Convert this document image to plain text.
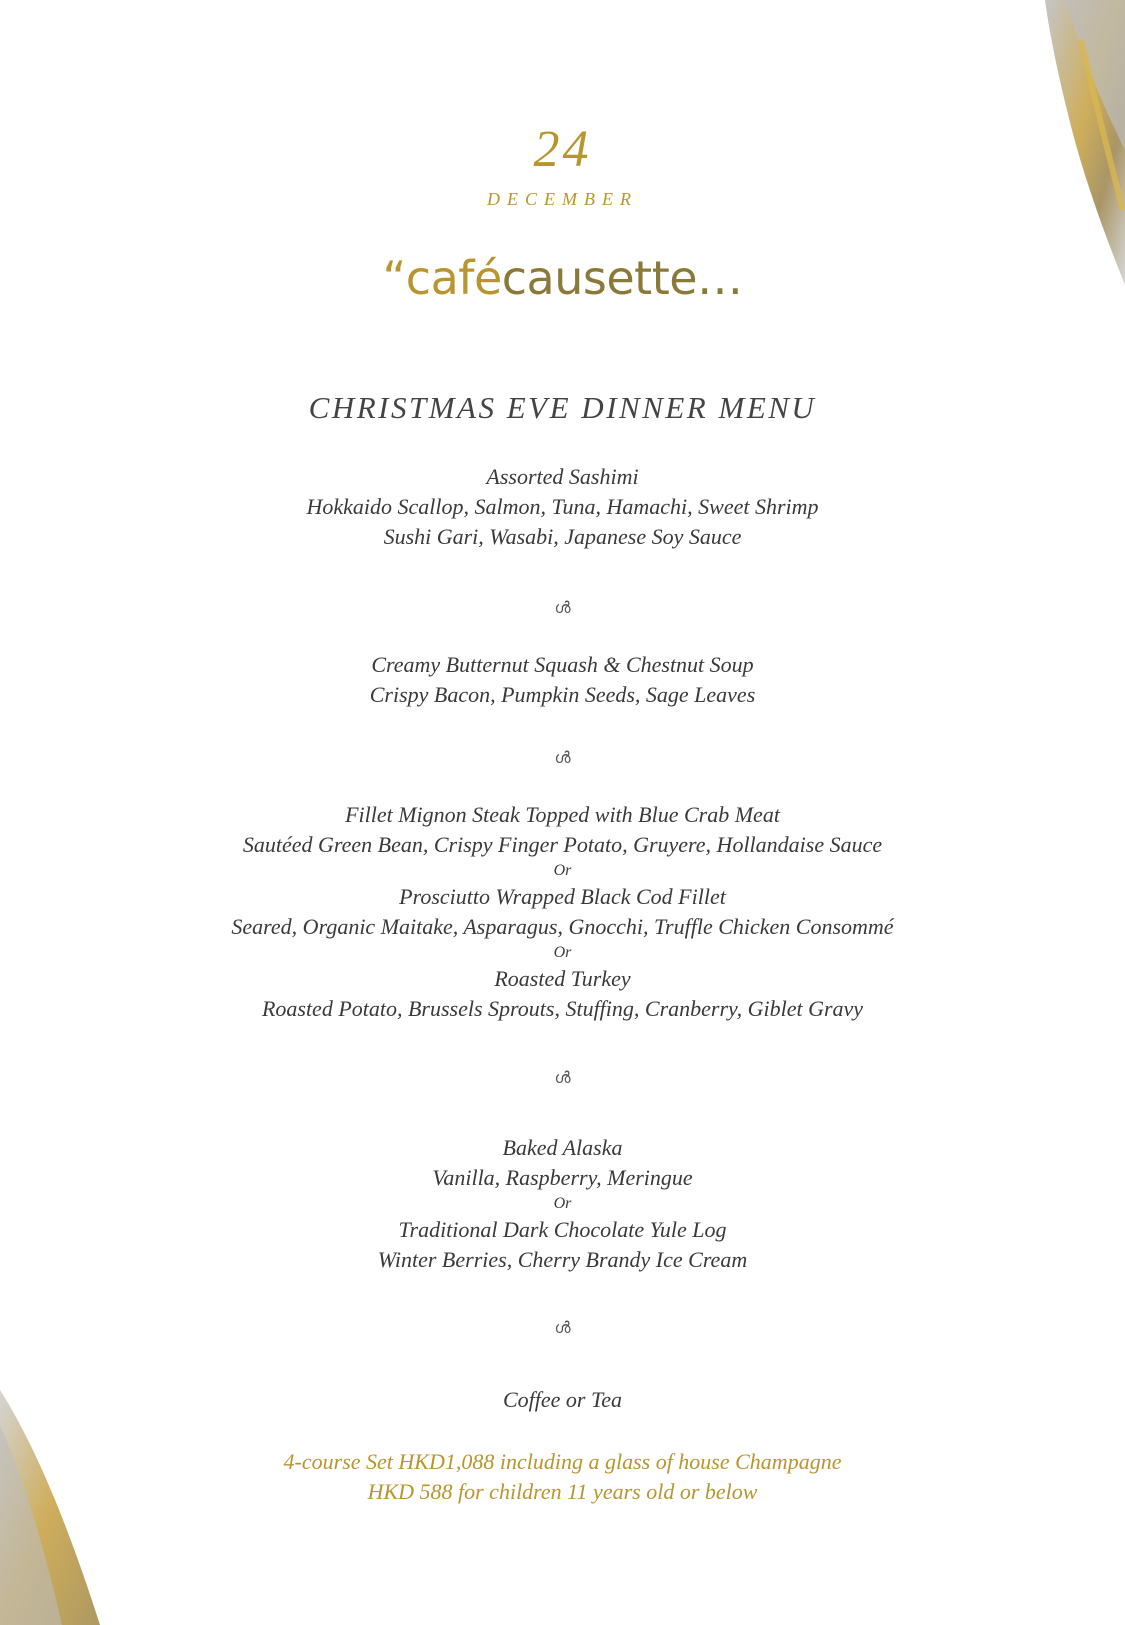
24
DECEMBER
“cafécausette…
CHRISTMAS EVE DINNER MENU
Assorted Sashimi
Hokkaido Scallop, Salmon, Tuna, Hamachi, Sweet Shrimp
Sushi Gari, Wasabi, Japanese Soy Sauce
ൾ
Creamy Butternut Squash & Chestnut Soup
Crispy Bacon, Pumpkin Seeds, Sage Leaves
ൾ
Fillet Mignon Steak Topped with Blue Crab Meat
Sautéed Green Bean, Crispy Finger Potato, Gruyere, Hollandaise Sauce
Or
Prosciutto Wrapped Black Cod Fillet
Seared, Organic Maitake, Asparagus, Gnocchi, Truffle Chicken Consommé
Or
Roasted Turkey
Roasted Potato, Brussels Sprouts, Stuffing, Cranberry, Giblet Gravy
ൾ
Baked Alaska
Vanilla, Raspberry, Meringue
Or
Traditional Dark Chocolate Yule Log
Winter Berries, Cherry Brandy Ice Cream
ൾ
Coffee or Tea
4-course Set HKD1,088 including a glass of house Champagne
HKD 588 for children 11 years old or below
